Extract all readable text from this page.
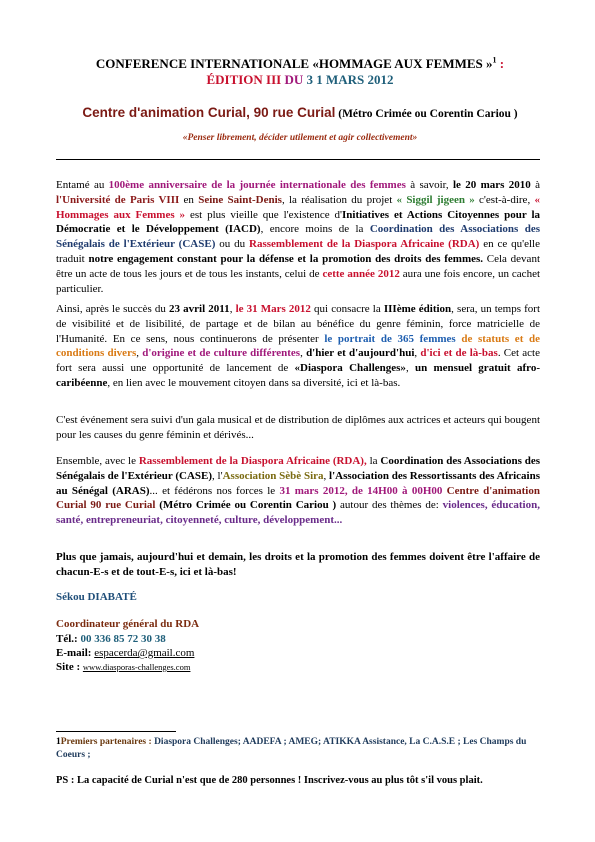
CONFERENCE INTERNATIONALE «HOMMAGE AUX FEMMES »$^1$ :
ÉDITION III DU 3 1 MARS 2012
Centre d'animation Curial, 90 rue Curial (Métro Crimée ou Corentin Cariou )
«Penser librement, décider utilement et agir collectivement»
Entamé au 100ème anniversaire de la journée internationale des femmes à savoir, le 20 mars 2010 à l'Université de Paris VIII en Seine Saint-Denis, la réalisation du projet « Siggil jigeen » c'est-à-dire, « Hommages aux Femmes » est plus vieille que l'existence d'Initiatives et Actions Citoyennes pour la Démocratie et le Développement (IACD), encore moins de la Coordination des Associations des Sénégalais de l'Extérieur (CASE) ou du Rassemblement de la Diaspora Africaine (RDA) en ce qu'elle traduit notre engagement constant pour la défense et la promotion des droits des femmes. Cela devant être un acte de tous les jours et de tous les instants, celui de cette année 2012 aura une fois encore, un cachet particulier.
Ainsi, après le succès du 23 avril 2011, le 31 Mars 2012 qui consacre la IIIème édition, sera, un temps fort de visibilité et de lisibilité, de partage et de bilan au bénéfice du genre féminin, force matricielle de l'Humanité. En ce sens, nous continuerons de présenter le portrait de 365 femmes de statuts et de conditions divers, d'origine et de culture différentes, d'hier et d'aujourd'hui, d'ici et de là-bas. Cet acte fort sera aussi une opportunité de lancement de «Diaspora Challenges», un mensuel gratuit afro-caribéenne, en lien avec le mouvement citoyen dans sa diversité, ici et là-bas.
C'est événement sera suivi d'un gala musical et de distribution de diplômes aux actrices et acteurs qui bougent pour les causes du genre féminin et dérivés...
Ensemble, avec le Rassemblement de la Diaspora Africaine (RDA), la Coordination des Associations des Sénégalais de l'Extérieur (CASE), l'Association Sèbè Sira, l'Association des Ressortissants des Africains au Sénégal (ARAS)... et fédérons nos forces le 31 mars 2012, de 14H00 à 00H00 Centre d'animation Curial 90 rue Curial (Métro Crimée ou Corentin Cariou ) autour des thèmes de: violences, éducation, santé, entrepreneuriat, citoyenneté, culture, développement...
Plus que jamais, aujourd'hui et demain, les droits et la promotion des femmes doivent être l'affaire de chacun-E-s et de tout-E-s, ici et là-bas!
Sékou DIABATÉ
Coordinateur général du RDA
Tél.: 00 336 85 72 30 38
E-mail: espacerda@gmail.com
Site : www.diasporas-challenges.com
1Premiers partenaires : Diaspora Challenges; AADEFA ; AMEG; ATIKKA Assistance, La C.A.S.E ; Les Champs du Coeurs ;
PS : La capacité de Curial n'est que de 280 personnes ! Inscrivez-vous au plus tôt s'il vous plait.
